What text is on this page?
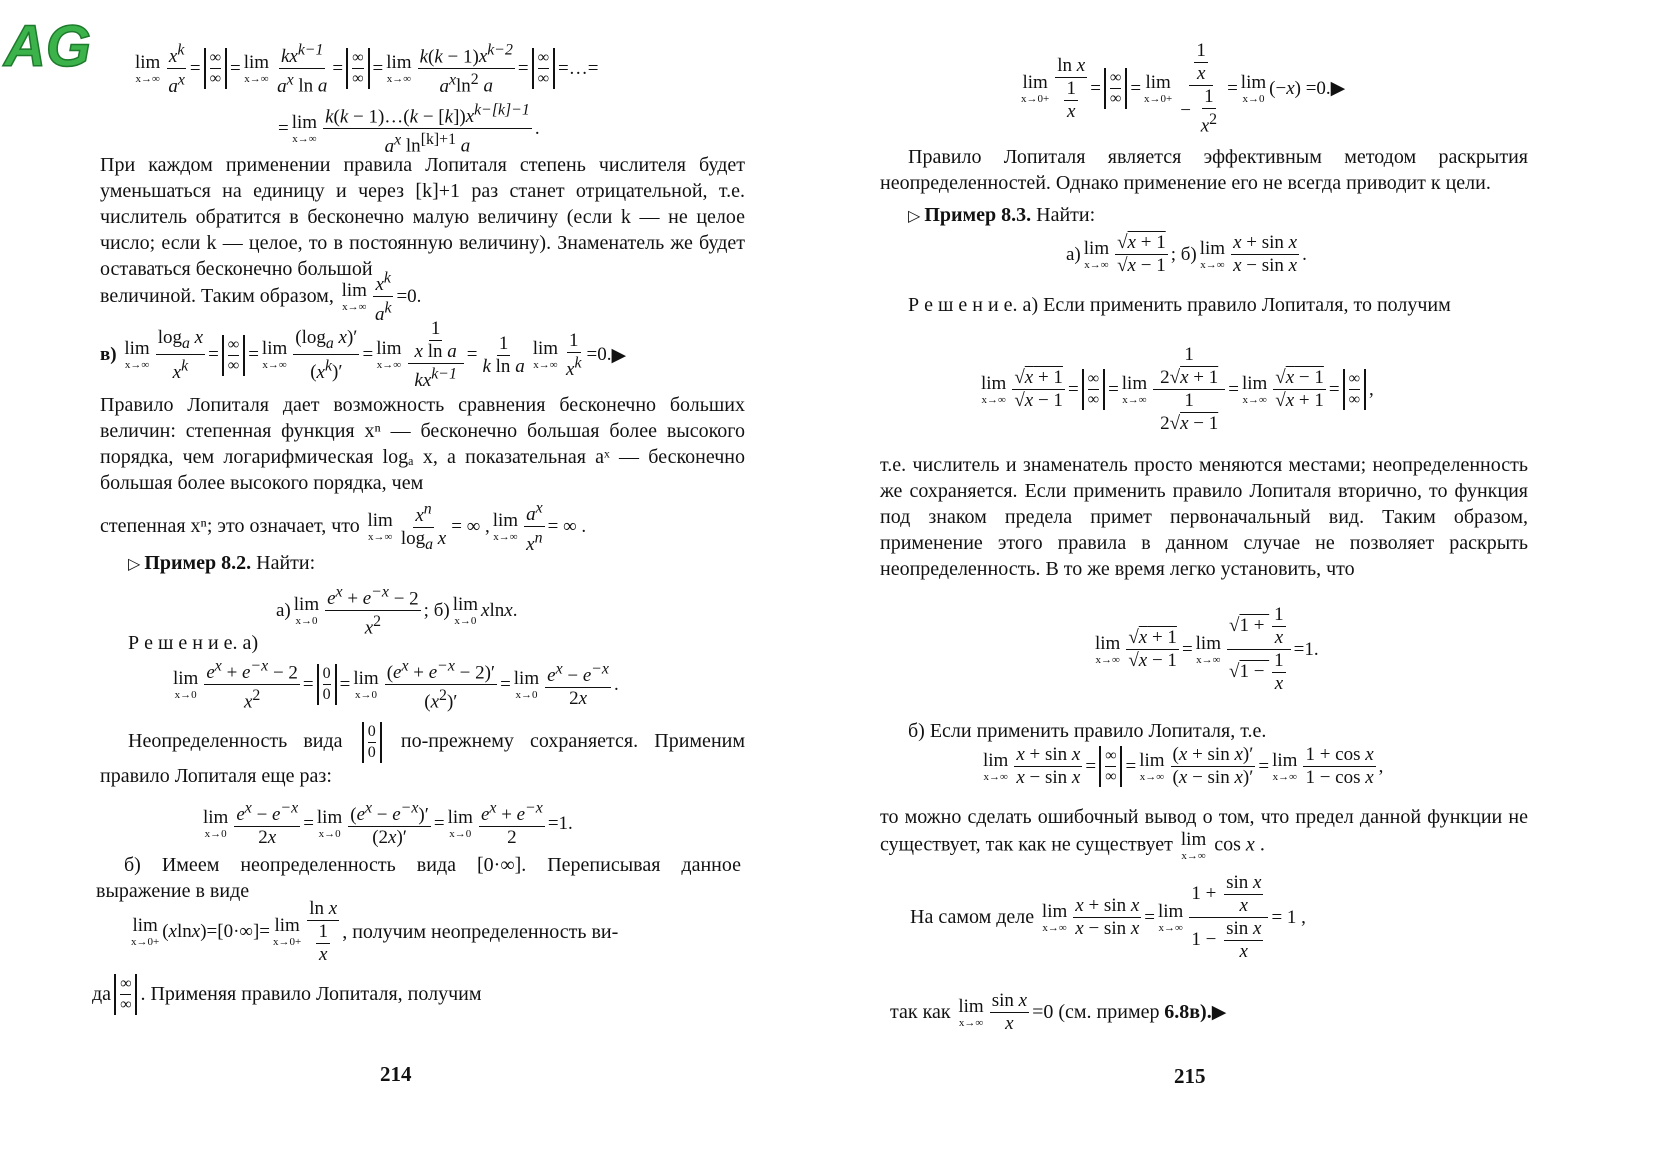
AG lim
$x\to\infty \frac{x^k}{a^x}$ = ∞
∞ = lim
$x\to\infty \frac{kx^{k-1}}{a^x \ln a}$ = ∞
∞ = lim
$x\to\infty \frac{k(k - 1)x^{k-2}}{a^x\ln^2 a}$ = ∞
∞ =…=
= lim
$x\to\infty \frac{k(k - 1)\dots(k - [k])x^{k-[k]-1}}{a^x \ln^{[k]+1} a}$ .
При каждом применении правила Лопиталя степень числителя будет уменьшаться на единицу и через [k]+1 раз станет отрицательной, т.е. числитель обратится в бесконечно малую величину (если k — не целое число; если k — целое, то в постоянную величину). Знаменатель же будет оставаться бесконечно большой
величиной. Таким образом,
lim
$x\to\infty \frac{x^k}{a^k} =0$.
в)
lim
$x\to\infty \frac{\log_a x}{x^k}$ = ∞
∞ = lim
$x\to\infty \frac{(\log_a x)'}{(x^k)'} = \lim$
$x\to\infty \frac{\frac{1}{\text{x ln a}}}{kx^{k-1}} = \frac{1}{\text{k ln a}}$ lim
$x\to\infty \frac{1}{x^k} =0$. ▶
Правило Лопиталя дает возможность сравнения бесконечно больших величин: степенная функция xⁿ — бесконечно большая более высокого порядка, чем логарифмическая logₐ x, а показательная aˣ — бесконечно большая более высокого порядка, чем
степенная xⁿ; это означает, что
lim
$x\to\infty \frac{x^n}{\log_a x}$ = ∞ , lim
$x\to\infty \frac{a^x}{x^n}$ = ∞ .
▷ Пример 8.2. Найти:
а) lim
$x\to 0 \frac{e^x + e^{-x} - 2}{x^2}$ ; б) lim
x→0 x ln x .
Р е ш е н и е. а)
lim
$x\to 0 \frac{e^x + e^{-x} - 2}{x^2} = 0$
0 = lim
$x\to 0 \frac{(e^x + e^{-x} - 2)'}{(x^2)'} = \lim$
$x\to 0 \frac{e^x - e^{-x}}{2x}$ .
Неопределенность вида $\frac{0}{0}$ по-прежнему сохраняется. Применим правило Лопиталя еще раз:
lim
$x\to 0 \frac{e^x - e^{-x}}{2x} = \lim$
$x\to 0 \frac{(e^x - e^{-x})'}{(2x)'} = \lim$
$x\to 0 \frac{e^x + e^{-x}}{2} =1$.
б) Имеем неопределенность вида [0·∞]. Переписывая данное выражение в виде
lim
x→0+ ( x ln x )=[0·∞]= lim
$x\to 0+ \frac{\text{ln x}}{\frac{1}{x}}$ , получим неопределенность ви-
да ∞
∞ . Применяя правило Лопиталя, получим
214
lim
$x\to 0+ \frac{\text{ln x}}{\frac{1}{x}}$ = ∞
∞ = lim
$x\to 0+ \frac{\frac{1}{x}}{- \frac{1}{x^2}} = \lim$
x→0 (− x ) =0. ▶
Правило Лопиталя является эффективным методом раскрытия неопределенностей. Однако применение его не всегда приводит к цели.
▷ Пример 8.3. Найти:
а) lim
$x\to\infty \frac{√x + 1}{√x - 1}$ ; б) lim
$x\to\infty \frac{\text{x + sin x}}{\text{x − sin x}}$ .
Р е ш е н и е. а) Если применить правило Лопиталя, то получим
lim
$x\to\infty \frac{√x + 1}{√x - 1}$ = ∞
∞ = lim
$x\to\infty \frac{\frac{1}{2√x + 1}}{\frac{1}{2√x - 1}} = \lim$
$x\to\infty \frac{√x - 1}{√x + 1}$ = ∞
∞ ,
т.е. числитель и знаменатель просто меняются местами; неопределенность же сохраняется. Если применить правило Лопиталя вторично, то функция под знаком предела примет первоначальный вид. Таким образом, применение этого правила в данном случае не позволяет раскрыть неопределенность. В то же время легко установить, что
lim
$x\to\infty \frac{√x + 1}{√x - 1} = \lim$
$x\to\infty \frac{√1 + \frac{1}{x}}{√1 - \frac{1}{x}} =1$.
б) Если применить правило Лопиталя, т.е.
lim
$x\to\infty \frac{\text{x + sin x}}{\text{x − sin x}}$ = ∞
∞ = lim
$x\to\infty \frac{\text{(x + sin x)′}}{\text{(x − sin x)′}} = \lim$
$x\to\infty \frac{\text{1 + cos x}}{\text{1 − cos x}}$ ,
то можно сделать ошибочный вывод о том, что предел данной функции не существует, так как не существует lim
x→∞
cos x .
На самом деле
lim
$x\to\infty \frac{\text{x + sin x}}{\text{x − sin x}} = \lim$
$x\to\infty \frac{1 + \frac{\text{sin x}}{x}}{1 - \frac{\text{sin x}}{x}} = 1$ ,
так как
lim
$x\to\infty \frac{\text{sin x}}{x} =0$ (см. пример
6.8в). ▶
215
